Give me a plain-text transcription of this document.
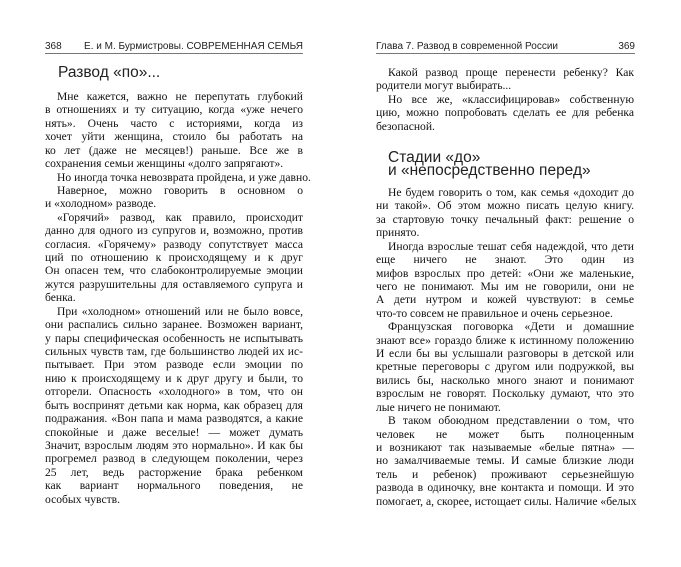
368 Е. и М. Бурмистровы. СОВРЕМЕННАЯ СЕМЬЯ
Развод «по»...
Мне кажется, важно не перепутать глубокий
в отношениях и ту ситуацию, когда «уже нечего
нять». Очень часто с историями, когда из
хочет уйти женщина, стоило бы работать на
ко лет (даже не месяцев!) раньше. Все же в
сохранения семьи женщины «долго запрягают».
Но иногда точка невозврата пройдена, и уже давно.
Наверное, можно говорить в основном о
и «холодном» разводе.
«Горячий» развод, как правило, происходит
данно для одного из супругов и, возможно, против
согласия. «Горячему» разводу сопутствует масса
ций по отношению к происходящему и к друг
Он опасен тем, что слабоконтролируемые эмоции
жутся разрушительны для оставляемого супруга и
бенка.
При «холодном» отношений или не было вовсе,
они распались сильно заранее. Возможен вариант,
у пары специфическая особенность не испытывать
сильных чувств там, где большинство людей их ис-
пытывает. При этом разводе если эмоции по
нию к происходящему и к друг другу и были, то
отгорели. Опасность «холодного» в том, что он
быть воспринят детьми как норма, как образец для
подражания. «Вон папа и мама разводятся, а какие
спокойные и даже веселые! — может думать
Значит, взрослым людям это нормально». И как бы
прогремел развод в следующем поколении, через
25 лет, ведь расторжение брака ребенком
как вариант нормального поведения, не
особых чувств.
Глава 7. Развод в современной России	369
Какой развод проще перенести ребенку? Как
родители могут выбирать...
Но все же, «классифицировав» собственную
цию, можно попробовать сделать ее для ребенка
безопасной.
Стадии «до»
и «непосредственно перед»
Не будем говорить о том, как семья «доходит до
ни такой». Об этом можно писать целую книгу.
за стартовую точку печальный факт: решение о
принято.
Иногда взрослые тешат себя надеждой, что дети
еще ничего не знают. Это один из
мифов взрослых про детей: «Они же маленькие,
чего не понимают. Мы им не говорили, они не
А дети нутром и кожей чувствуют: в семье
что-то совсем не правильное и очень серьезное.
Французская поговорка «Дети и домашние
знают все» гораздо ближе к истинному положению
И если бы вы услышали разговоры в детской или
кретные переговоры с другом или подружкой, вы
вились бы, насколько много знают и понимают
взрослым не говорят. Поскольку думают, что это
лые ничего не понимают.
В таком обоюдном представлении о том, что
человек не может быть полноценным
и возникают так называемые «белые пятна» —
но замалчиваемые темы. И самые близкие люди
тель и ребенок) проживают серьезнейшую
развода в одиночку, вне контакта и помощи. И это
помогает, а, скорее, истощает силы. Наличие «белых
